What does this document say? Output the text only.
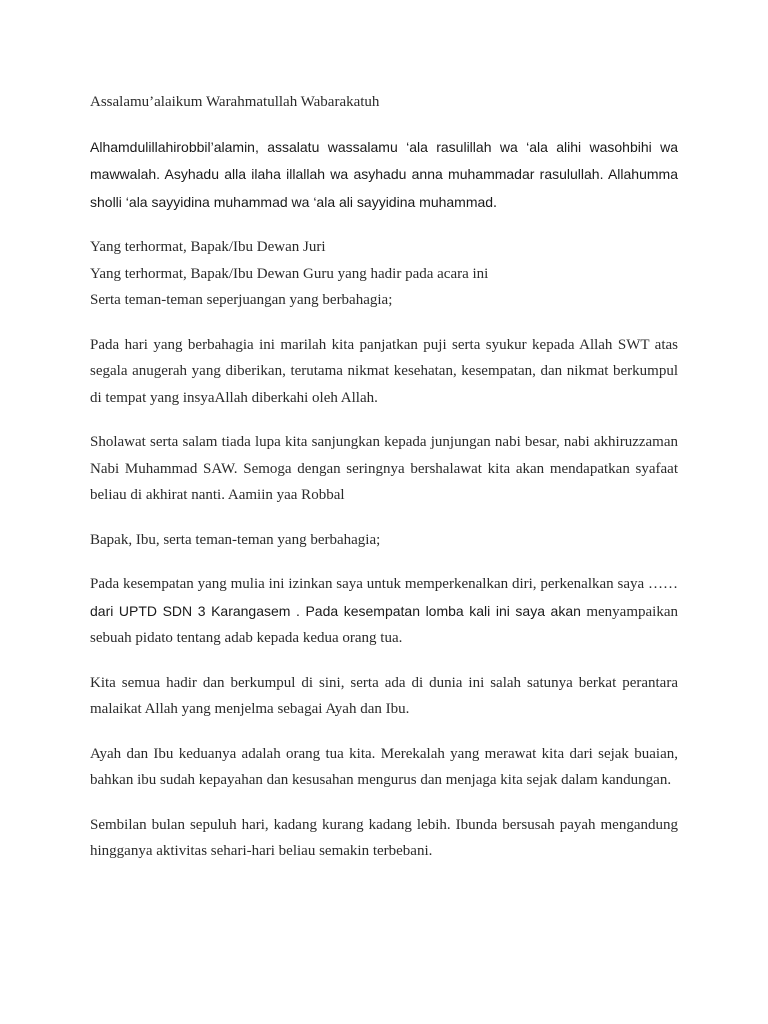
Assalamu’alaikum Warahmatullah Wabarakatuh

Alhamdulillahirobbil’alamin, assalatu wassalamu ‘ala rasulillah wa ‘ala alihi wasohbihi wa mawwalah. Asyhadu alla ilaha illallah wa asyhadu anna muhammadar rasulullah. Allahumma sholli ‘ala sayyidina muhammad wa ‘ala ali sayyidina muhammad.

Yang terhormat, Bapak/Ibu Dewan Juri
Yang terhormat, Bapak/Ibu Dewan Guru yang hadir pada acara ini
Serta teman-teman seperjuangan yang berbahagia;

Pada hari yang berbahagia ini marilah kita panjatkan puji serta syukur kepada Allah SWT atas segala anugerah yang diberikan, terutama nikmat kesehatan, kesempatan, dan nikmat berkumpul di tempat yang insyaAllah diberkahi oleh Allah.

Sholawat serta salam tiada lupa kita sanjungkan kepada junjungan nabi besar, nabi akhiruzzaman Nabi Muhammad SAW. Semoga dengan seringnya bershalawat kita akan mendapatkan syafaat beliau di akhirat nanti. Aamiin yaa Robbal

Bapak, Ibu, serta teman-teman yang berbahagia;

Pada kesempatan yang mulia ini izinkan saya untuk memperkenalkan diri, perkenalkan saya …… dari UPTD SDN 3 Karangasem . Pada kesempatan lomba kali ini saya akan menyampaikan sebuah pidato tentang adab kepada kedua orang tua.

Kita semua hadir dan berkumpul di sini, serta ada di dunia ini salah satunya berkat perantara malaikat Allah yang menjelma sebagai Ayah dan Ibu.

Ayah dan Ibu keduanya adalah orang tua kita. Merekalah yang merawat kita dari sejak buaian, bahkan ibu sudah kepayahan dan kesusahan mengurus dan menjaga kita sejak dalam kandungan.

Sembilan bulan sepuluh hari, kadang kurang kadang lebih. Ibunda bersusah payah mengandung hingganya aktivitas sehari-hari beliau semakin terbebani.
